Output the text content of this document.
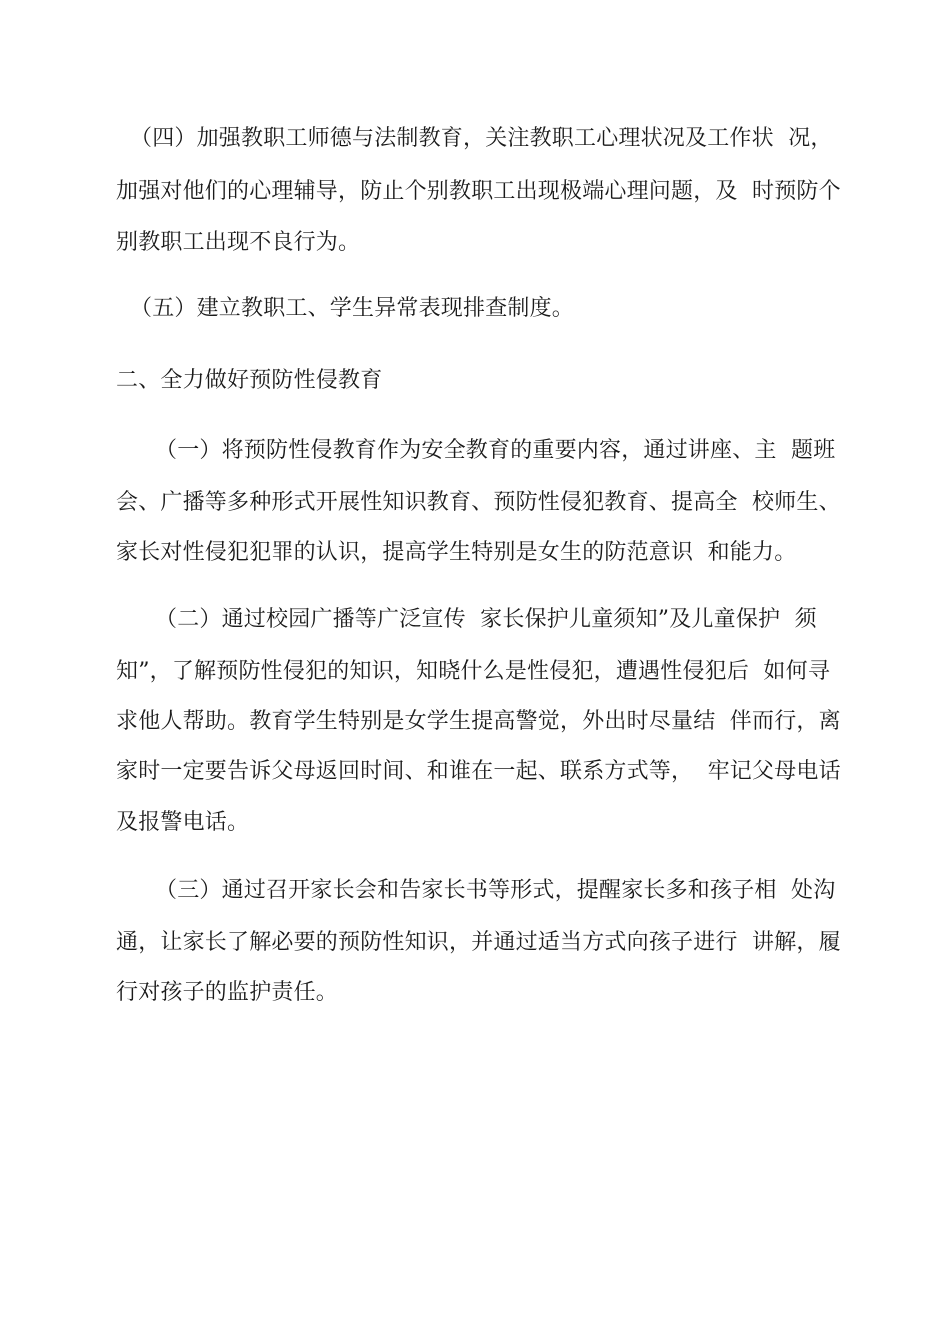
（四）加强教职工师德与法制教育，关注教职工心理状况及工作状  况，
加强对他们的心理辅导，防止个别教职工出现极端心理问题，及  时预防个
别教职工出现不良行为。
（五）建立教职工、学生异常表现排查制度。
二、全力做好预防性侵教育
（一）将预防性侵教育作为安全教育的重要内容，通过讲座、主  题班
会、广播等多种形式开展性知识教育、预防性侵犯教育、提高全  校师生、
家长对性侵犯犯罪的认识，提高学生特别是女生的防范意识  和能力。
（二）通过校园广播等广泛宣传  家长保护儿童须知”及儿童保护  须
知”，了解预防性侵犯的知识，知晓什么是性侵犯，遭遇性侵犯后  如何寻
求他人帮助。教育学生特别是女学生提高警觉，外出时尽量结  伴而行，离
家时一定要告诉父母返回时间、和谁在一起、联系方式等，  牢记父母电话
及报警电话。
（三）通过召开家长会和告家长书等形式，提醒家长多和孩子相  处沟
通，让家长了解必要的预防性知识，并通过适当方式向孩子进行  讲解，履
行对孩子的监护责任。
